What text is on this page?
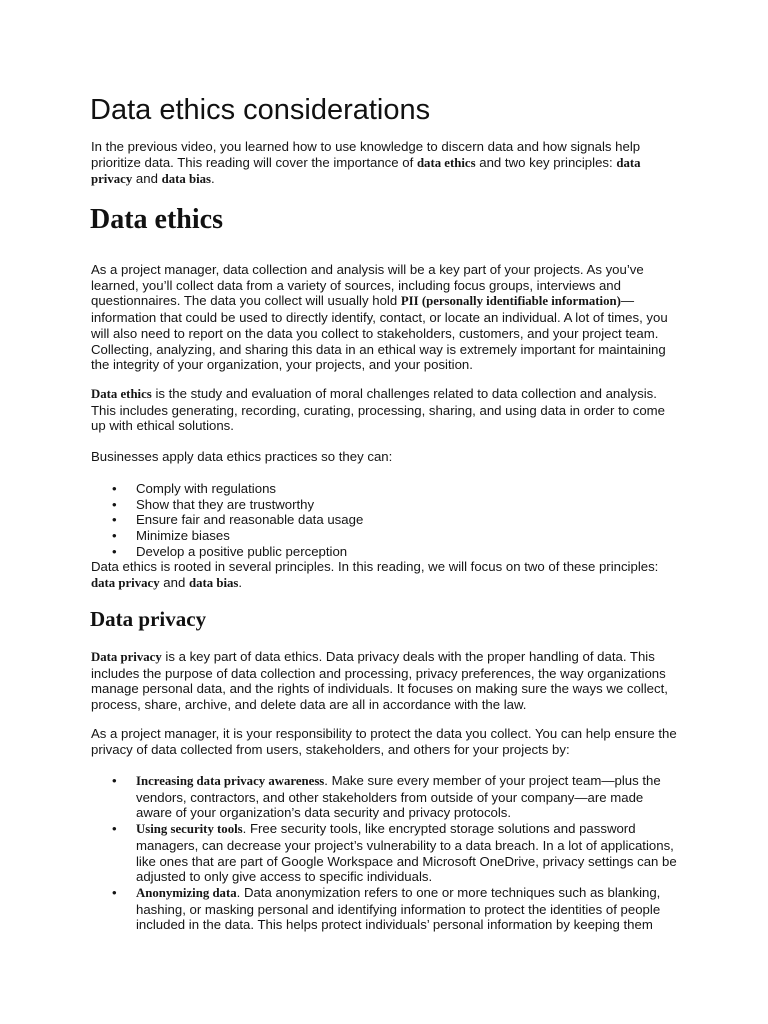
Data ethics considerations
In the previous video, you learned how to use knowledge to discern data and how signals help prioritize data. This reading will cover the importance of data ethics and two key principles: data privacy and data bias.
Data ethics
As a project manager, data collection and analysis will be a key part of your projects. As you’ve learned, you’ll collect data from a variety of sources, including focus groups, interviews and questionnaires. The data you collect will usually hold PII (personally identifiable information)—information that could be used to directly identify, contact, or locate an individual. A lot of times, you will also need to report on the data you collect to stakeholders, customers, and your project team. Collecting, analyzing, and sharing this data in an ethical way is extremely important for maintaining the integrity of your organization, your projects, and your position.
Data ethics is the study and evaluation of moral challenges related to data collection and analysis. This includes generating, recording, curating, processing, sharing, and using data in order to come up with ethical solutions.
Businesses apply data ethics practices so they can:
• Comply with regulations
• Show that they are trustworthy
• Ensure fair and reasonable data usage
• Minimize biases
• Develop a positive public perception
Data ethics is rooted in several principles. In this reading, we will focus on two of these principles: data privacy and data bias.
Data privacy
Data privacy is a key part of data ethics. Data privacy deals with the proper handling of data. This includes the purpose of data collection and processing, privacy preferences, the way organizations manage personal data, and the rights of individuals. It focuses on making sure the ways we collect, process, share, archive, and delete data are all in accordance with the law.
As a project manager, it is your responsibility to protect the data you collect. You can help ensure the privacy of data collected from users, stakeholders, and others for your projects by:
• Increasing data privacy awareness. Make sure every member of your project team—plus the vendors, contractors, and other stakeholders from outside of your company—are made aware of your organization’s data security and privacy protocols.
• Using security tools. Free security tools, like encrypted storage solutions and password managers, can decrease your project’s vulnerability to a data breach. In a lot of applications, like ones that are part of Google Workspace and Microsoft OneDrive, privacy settings can be adjusted to only give access to specific individuals.
• Anonymizing data. Data anonymization refers to one or more techniques such as blanking, hashing, or masking personal and identifying information to protect the identities of people included in the data. This helps protect individuals’ personal information by keeping them
